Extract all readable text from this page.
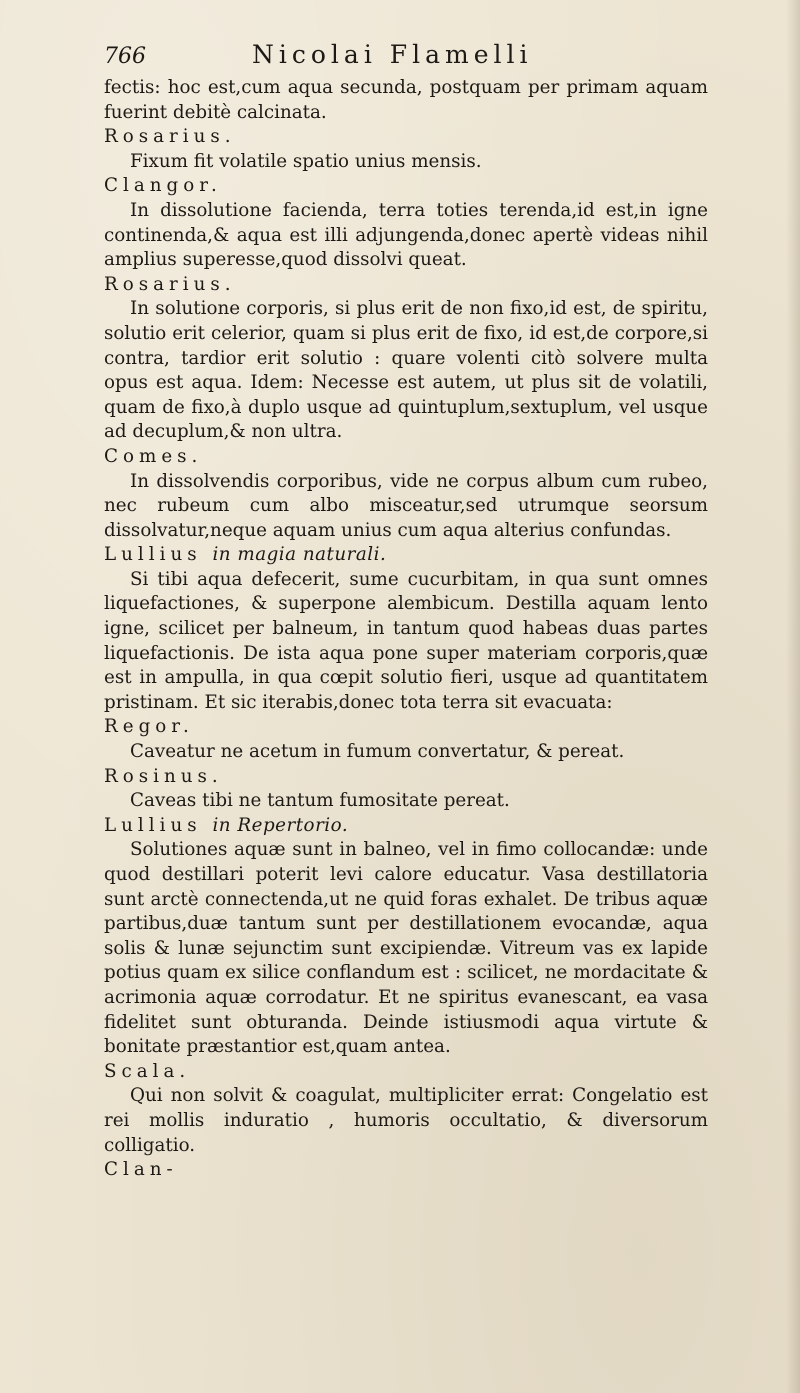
766	Nicolai Flamelli

fectis: hoc est,cum aqua secunda, postquam per primam aquam fuerint debitè calcinata.

Rosarius.

Fixum fit volatile spatio unius mensis.

Clangor.

In dissolutione facienda, terra toties terenda,id est,in igne continenda,& aqua est illi adjungenda,donec apertè videas nihil amplius superesse,quod dissolvi queat.

Rosarius.

In solutione corporis, si plus erit de non fixo,id est, de spiritu, solutio erit celerior, quam si plus erit de fixo, id est,de corpore,si contra, tardior erit solutio : quare volenti citò solvere multa opus est aqua. Idem: Necesse est autem, ut plus sit de volatili, quam de fixo,à duplo usque ad quintuplum,sextuplum, vel usque ad decuplum,& non ultra.

Comes.

In dissolvendis corporibus, vide ne corpus album cum rubeo, nec rubeum cum albo misceatur,sed utrumque seorsum dissolvatur,neque aquam unius cum aqua alterius confundas.

Lullius in magia naturali.

Si tibi aqua defecerit, sume cucurbitam, in qua sunt omnes liquefactiones, & superpone alembicum. Destilla aquam lento igne, scilicet per balneum, in tantum quod habeas duas partes liquefactionis. De ista aqua pone super materiam corporis,quæ est in ampulla, in qua cœpit solutio fieri, usque ad quantitatem pristinam. Et sic iterabis,donec tota terra sit evacuata:

Regor.

Caveatur ne acetum in fumum convertatur, & pereat.

Rosinus.

Caveas tibi ne tantum fumositate pereat.

Lullius in Repertorio.

Solutiones aquæ sunt in balneo, vel in fimo collocandæ: unde quod destillari poterit levi calore educatur. Vasa destillatoria sunt arctè connectenda,ut ne quid foras exhalet. De tribus aquæ partibus,duæ tantum sunt per destillationem evocandæ, aqua solis & lunæ sejunctim sunt excipiendæ. Vitreum vas ex lapide potius quam ex silice conflandum est : scilicet, ne mordacitate & acrimonia aquæ corrodatur. Et ne spiritus evanescant, ea vasa fidelitet sunt obturanda. Deinde istiusmodi aqua virtute & bonitate præstantior est,quam antea.

Scala.

Qui non solvit & coagulat, multipliciter errat: Congelatio est rei mollis induratio , humoris occultatio, & diversorum colligatio.

Clan-
